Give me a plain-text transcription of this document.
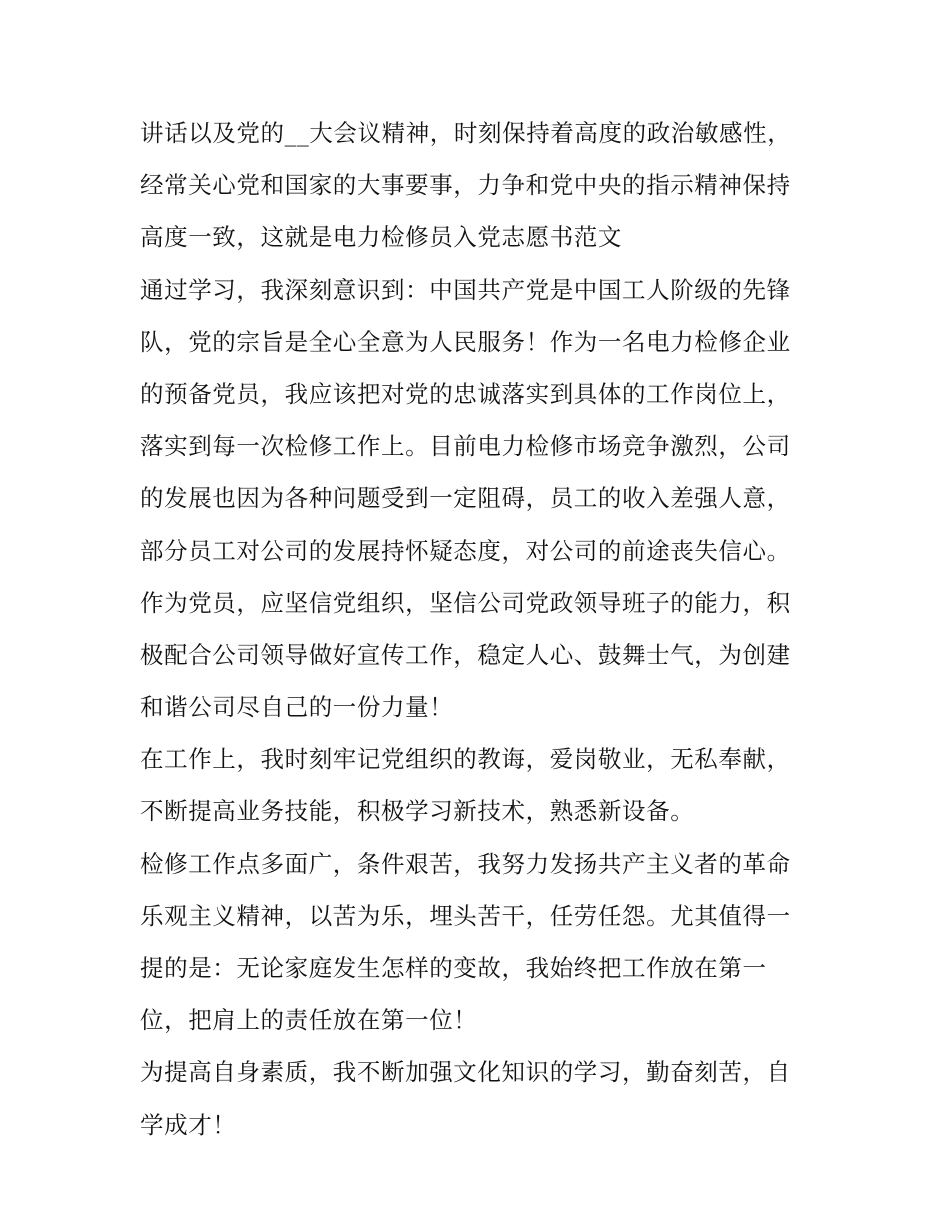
讲话以及党的__大会议精神，时刻保持着高度的政治敏感性，
经常关心党和国家的大事要事，力争和党中央的指示精神保持
高度一致，这就是电力检修员入党志愿书范文
通过学习，我深刻意识到：中国共产党是中国工人阶级的先锋
队，党的宗旨是全心全意为人民服务！作为一名电力检修企业
的预备党员，我应该把对党的忠诚落实到具体的工作岗位上，
落实到每一次检修工作上。目前电力检修市场竞争激烈，公司
的发展也因为各种问题受到一定阻碍，员工的收入差强人意，
部分员工对公司的发展持怀疑态度，对公司的前途丧失信心。
作为党员，应坚信党组织，坚信公司党政领导班子的能力，积
极配合公司领导做好宣传工作，稳定人心、鼓舞士气，为创建
和谐公司尽自己的一份力量！
在工作上，我时刻牢记党组织的教诲，爱岗敬业，无私奉献，
不断提高业务技能，积极学习新技术，熟悉新设备。
检修工作点多面广，条件艰苦，我努力发扬共产主义者的革命
乐观主义精神，以苦为乐，埋头苦干，任劳任怨。尤其值得一
提的是：无论家庭发生怎样的变故，我始终把工作放在第一
位，把肩上的责任放在第一位！
为提高自身素质，我不断加强文化知识的学习，勤奋刻苦，自
学成才！
